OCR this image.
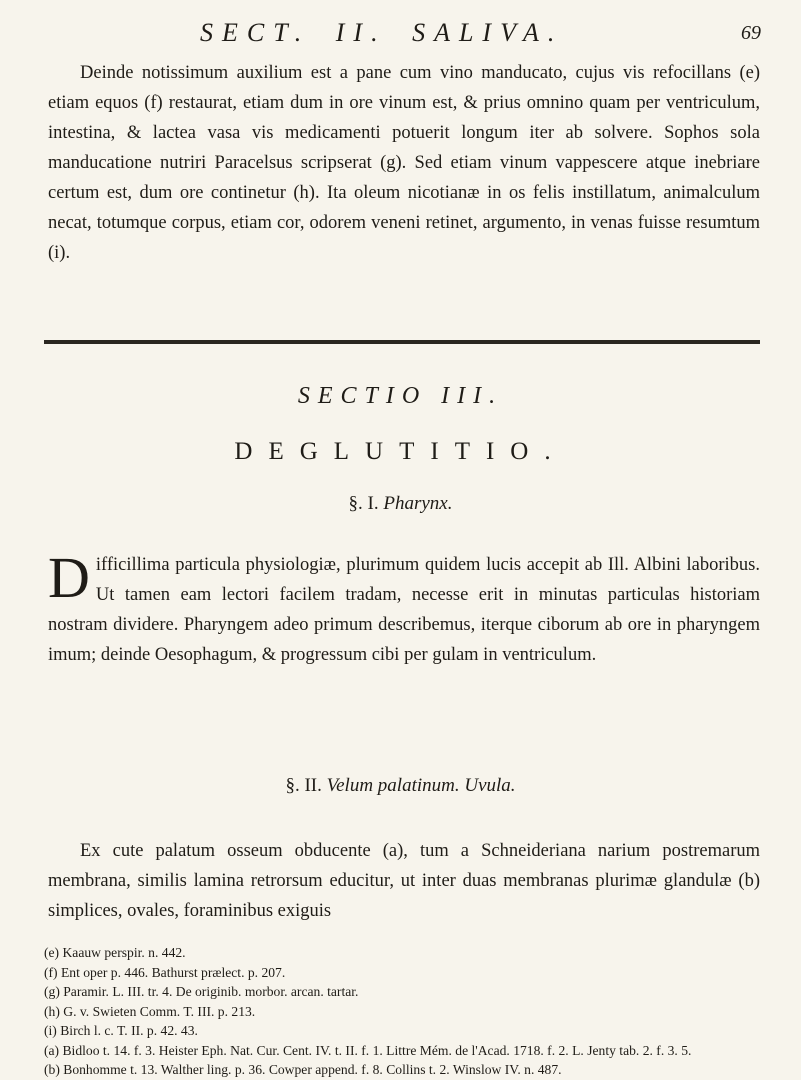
SECT. II. SALIVA.	69

Deinde notissimum auxilium est a pane cum vino manducato, cujus vis refocillans (e) etiam equos (f) restaurat, etiam dum in ore vinum est, & prius omnino quam per ventriculum, intestina, & lactea vasa vis medicamenti potuerit longum iter ab solvere. Sophos sola manducatione nutriri Paracelsus scripserat (g). Sed etiam vinum vappescere atque inebriare certum est, dum ore continetur (h). Ita oleum nicotianæ in os felis instillatum, animalculum necat, totumque corpus, etiam cor, odorem veneni retinet, argumento, in venas fuisse resumtum (i).

SECTIO III.
DEGLUTITIO.
§. I. Pharynx.

Difficillima particula physiologiæ, plurimum quidem lucis accepit ab Ill. Albini laboribus. Ut tamen eam lectori facilem tradam, necesse erit in minutas particulas historiam nostram dividere. Pharyngem adeo primum describemus, iterque ciborum ab ore in pharyngem imum; deinde Oesophagum, & progressum cibi per gulam in ventriculum.

§. II. Velum palatinum. Uvula.

Ex cute palatum osseum obducente (a), tum a Schneideriana narium postremarum membrana, similis lamina retrorsum educitur, ut inter duas membranas plurimæ glandulæ (b) simplices, ovales, foraminibus exiguis

(e) Kaauw perspir. n. 442.
(f) Ent oper p. 446. Bathurst prælect. p. 207.
(g) Paramir. L. III. tr. 4. De originib. morbor. arcan. tartar.
(h) G. v. Swieten Comm. T. III. p. 213.
(i) Birch l. c. T. II. p. 42. 43.
(a) Bidloo t. 14. f. 3. Heister Eph. Nat. Cur. Cent. IV. t. II. f. 1. Littre Mém. de l'Acad. 1718. f. 2. L. Jenty tab. 2. f. 3. 5.
(b) Bonhomme t. 13. Walther ling. p. 36. Cowper append. f. 8. Collins t. 2. Winslow IV. n. 487.
